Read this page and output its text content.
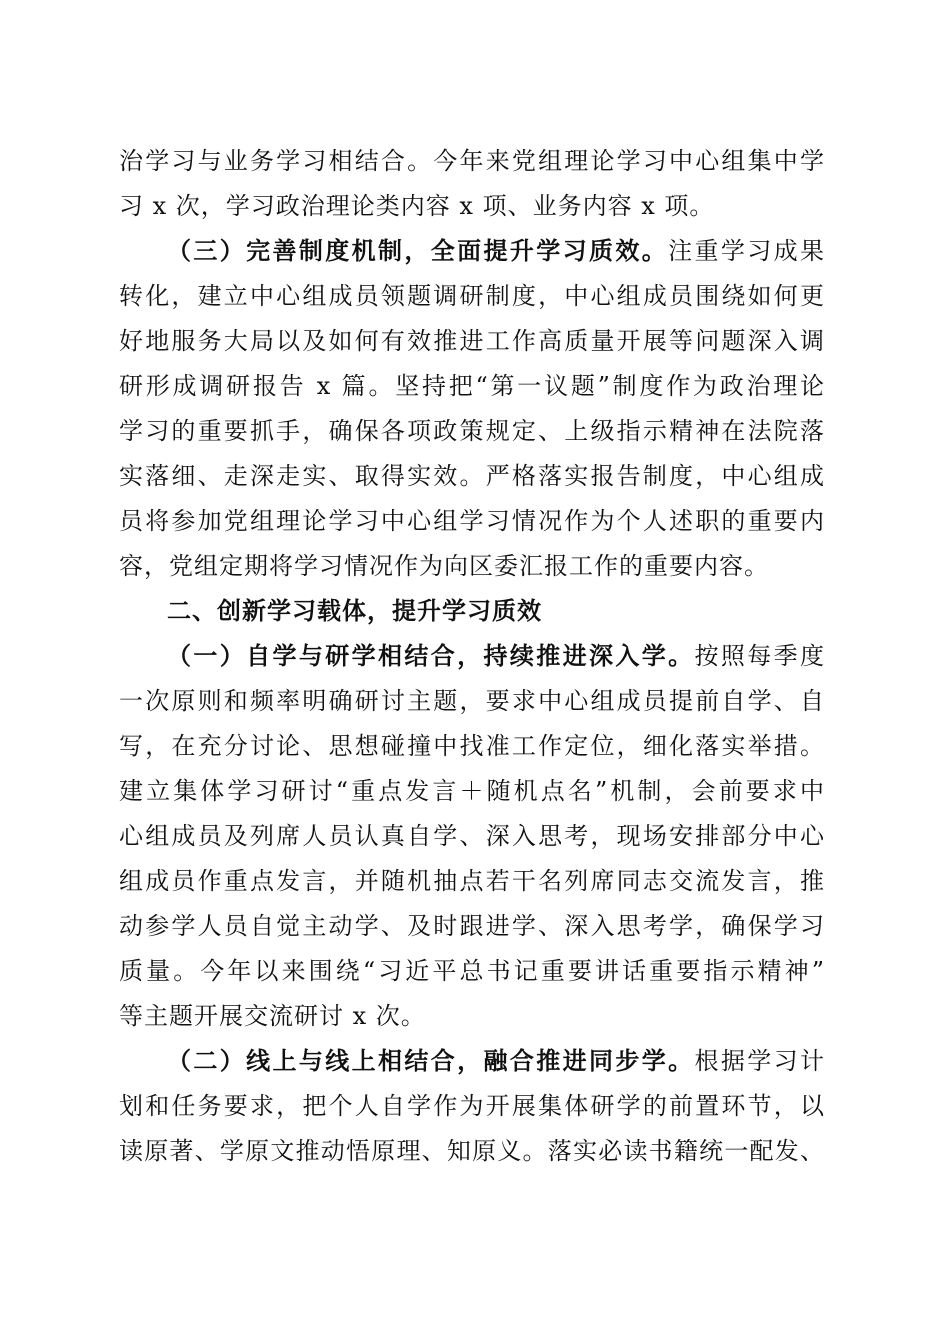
治学习与业务学习相结合。今年来党组理论学习中心组集中学
习 x 次，学习政治理论类内容 x 项、业务内容 x 项。
（三）完善制度机制，全面提升学习质效。注重学习成果
转化，建立中心组成员领题调研制度，中心组成员围绕如何更
好地服务大局以及如何有效推进工作高质量开展等问题深入调
研形成调研报告 x 篇。坚持把“第一议题”制度作为政治理论
学习的重要抓手，确保各项政策规定、上级指示精神在法院落
实落细、走深走实、取得实效。严格落实报告制度，中心组成
员将参加党组理论学习中心组学习情况作为个人述职的重要内
容，党组定期将学习情况作为向区委汇报工作的重要内容。
二、创新学习载体，提升学习质效
（一）自学与研学相结合，持续推进深入学。按照每季度
一次原则和频率明确研讨主题，要求中心组成员提前自学、自
写，在充分讨论、思想碰撞中找准工作定位，细化落实举措。
建立集体学习研讨“重点发言＋随机点名”机制，会前要求中
心组成员及列席人员认真自学、深入思考，现场安排部分中心
组成员作重点发言，并随机抽点若干名列席同志交流发言，推
动参学人员自觉主动学、及时跟进学、深入思考学，确保学习
质量。今年以来围绕“习近平总书记重要讲话重要指示精神”
等主题开展交流研讨 x 次。
（二）线上与线上相结合，融合推进同步学。根据学习计
划和任务要求，把个人自学作为开展集体研学的前置环节，以
读原著、学原文推动悟原理、知原义。落实必读书籍统一配发、
